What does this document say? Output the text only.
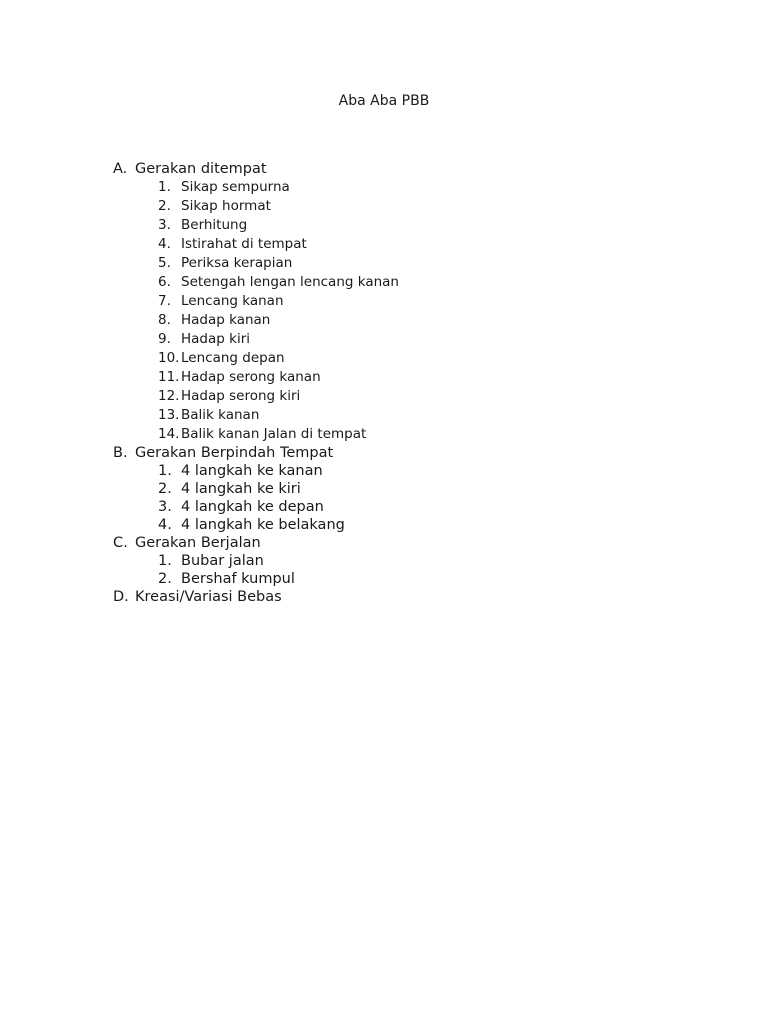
Aba Aba PBB
A. Gerakan ditempat
1. Sikap sempurna
2. Sikap hormat
3. Berhitung
4. Istirahat di tempat
5. Periksa kerapian
6. Setengah lengan lencang kanan
7. Lencang kanan
8. Hadap kanan
9. Hadap kiri
10. Lencang depan
11. Hadap serong kanan
12. Hadap serong kiri
13. Balik kanan
14. Balik kanan Jalan di tempat
B. Gerakan Berpindah Tempat
1. 4 langkah ke kanan
2. 4 langkah ke kiri
3. 4 langkah ke depan
4. 4 langkah ke belakang
C. Gerakan Berjalan
1. Bubar jalan
2. Bershaf kumpul
D. Kreasi/Variasi Bebas
